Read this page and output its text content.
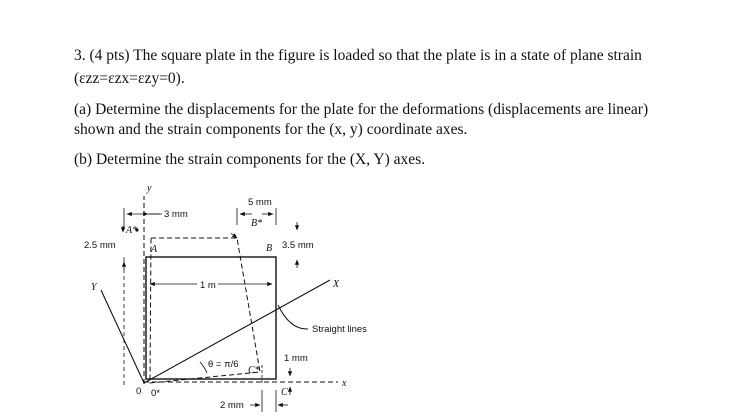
3. (4 pts) The square plate in the figure is loaded so that the plate is in a state of plane strain
(εzz=εzx=εzy=0).
(a) Determine the displacements for the plate for the deformations (displacements are linear)
shown and the strain components for the (x, y) coordinate axes.
(b) Determine the strain components for the (X, Y) axes.
y
x
X
Y
Straight lines
3 mm
A*
2.5 mm	A
5 mm
B*
B 3.5 mm
1 m
θ = π/6
C*
1 mm
C
0 0*
2 mm
